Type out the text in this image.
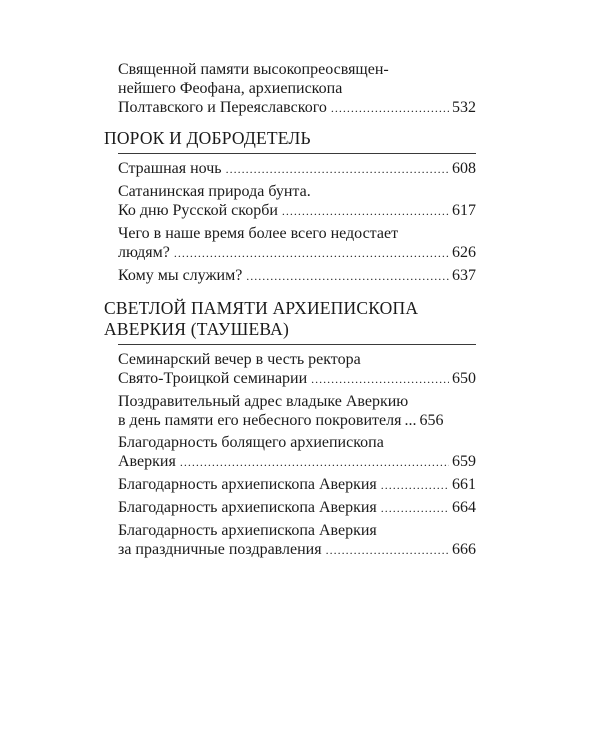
Священной памяти высокопреосвящен-
нейшего Феофана, архиепископа
Полтавского и Переяславского .....	532
ПОРОК И ДОБРОДЕТЕЛЬ
Страшная ночь .....	608
Сатанинская природа бунта.
Ко дню Русской скорби .....	617
Чего в наше время более всего недостает
людям? .....	626
Кому мы служим? .....	637
СВЕТЛОЙ ПАМЯТИ АРХИЕПИСКОПА
АВЕРКИЯ (ТАУШЕВА)
Семинарский вечер в честь ректора
Свято-Троицкой семинарии .....	650
Поздравительный адрес владыке Аверкию
в день памяти его небесного покровителя ... 656
Благодарность болящего архиепископа
Аверкия .....	659
Благодарность архиепископа Аверкия .....	661
Благодарность архиепископа Аверкия .....	664
Благодарность архиепископа Аверкия
за праздничные поздравления .....	666
